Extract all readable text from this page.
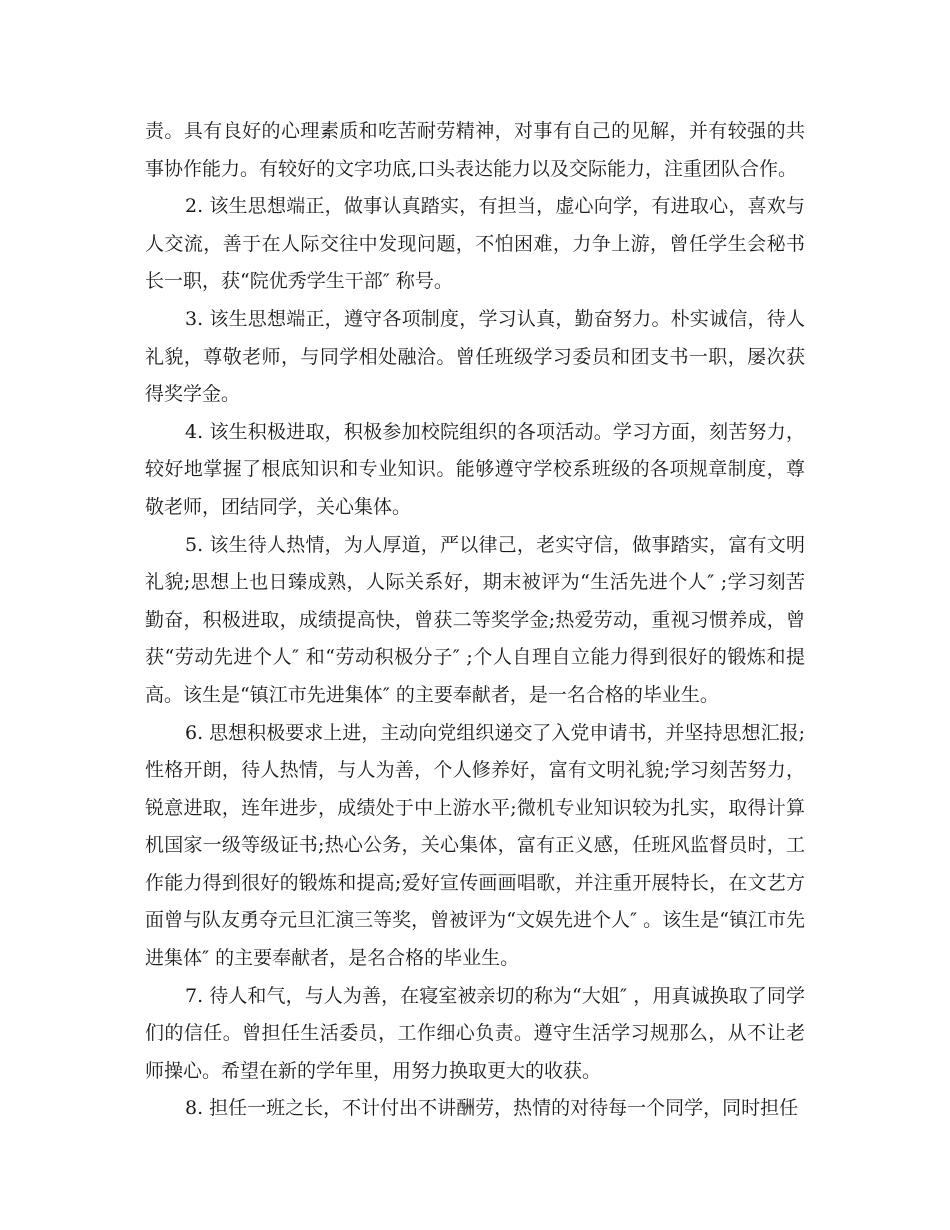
责。具有良好的心理素质和吃苦耐劳精神，对事有自己的见解，并有较强的共事协作能力。有较好的文字功底,口头表达能力以及交际能力，注重团队合作。

2. 该生思想端正，做事认真踏实，有担当，虚心向学，有进取心，喜欢与人交流，善于在人际交往中发现问题，不怕困难，力争上游，曾任学生会秘书长一职，获“院优秀学生干部″ 称号。

3. 该生思想端正，遵守各项制度，学习认真，勤奋努力。朴实诚信，待人礼貌，尊敬老师，与同学相处融洽。曾任班级学习委员和团支书一职，屡次获得奖学金。

4. 该生积极进取，积极参加校院组织的各项活动。学习方面，刻苦努力，较好地掌握了根底知识和专业知识。能够遵守学校系班级的各项规章制度，尊敬老师，团结同学，关心集体。

5. 该生待人热情，为人厚道，严以律己，老实守信，做事踏实，富有文明礼貌;思想上也日臻成熟，人际关系好，期末被评为“生活先进个人″ ;学习刻苦勤奋，积极进取，成绩提高快，曾获二等奖学金;热爱劳动，重视习惯养成，曾获“劳动先进个人″ 和“劳动积极分子″ ;个人自理自立能力得到很好的锻炼和提高。该生是“镇江市先进集体″ 的主要奉献者，是一名合格的毕业生。

6. 思想积极要求上进，主动向党组织递交了入党申请书，并坚持思想汇报;性格开朗，待人热情，与人为善，个人修养好，富有文明礼貌;学习刻苦努力，锐意进取，连年进步，成绩处于中上游水平;微机专业知识较为扎实，取得计算机国家一级等级证书;热心公务，关心集体，富有正义感，任班风监督员时，工作能力得到很好的锻炼和提高;爱好宣传画画唱歌，并注重开展特长，在文艺方面曾与队友勇夺元旦汇演三等奖，曾被评为“文娱先进个人″ 。该生是“镇江市先进集体″ 的主要奉献者，是名合格的毕业生。

7. 待人和气，与人为善，在寝室被亲切的称为“大姐″ ，用真诚换取了同学们的信任。曾担任生活委员，工作细心负责。遵守生活学习规那么，从不让老师操心。希望在新的学年里，用努力换取更大的收获。

8. 担任一班之长，不计付出不讲酬劳，热情的对待每一个同学，同时担任
